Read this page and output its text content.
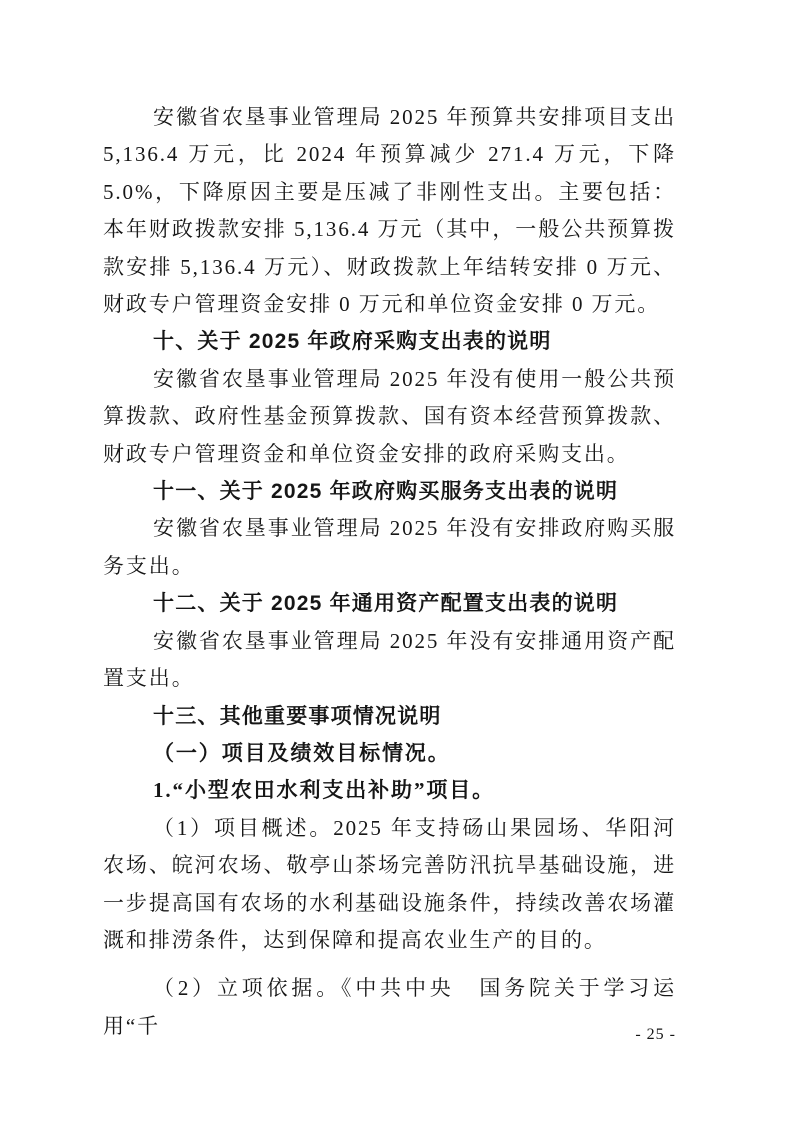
安徽省农垦事业管理局 2025 年预算共安排项目支出 5,136.4 万元，比 2024 年预算减少 271.4 万元，下降 5.0%，下降原因主要是压减了非刚性支出。主要包括：本年财政拨款安排 5,136.4 万元（其中，一般公共预算拨款安排 5,136.4 万元）、财政拨款上年结转安排 0 万元、财政专户管理资金安排 0 万元和单位资金安排 0 万元。

十、关于 2025 年政府采购支出表的说明

安徽省农垦事业管理局 2025 年没有使用一般公共预算拨款、政府性基金预算拨款、国有资本经营预算拨款、财政专户管理资金和单位资金安排的政府采购支出。

十一、关于 2025 年政府购买服务支出表的说明

安徽省农垦事业管理局 2025 年没有安排政府购买服务支出。

十二、关于 2025 年通用资产配置支出表的说明

安徽省农垦事业管理局 2025 年没有安排通用资产配置支出。

十三、其他重要事项情况说明

（一）项目及绩效目标情况。

1.“小型农田水利支出补助”项目。

（1）项目概述。2025 年支持砀山果园场、华阳河农场、皖河农场、敬亭山茶场完善防汛抗旱基础设施，进一步提高国有农场的水利基础设施条件，持续改善农场灌溉和排涝条件，达到保障和提高农业生产的目的。

（2）立项依据。《中共中央　国务院关于学习运用“千	- 25 -
